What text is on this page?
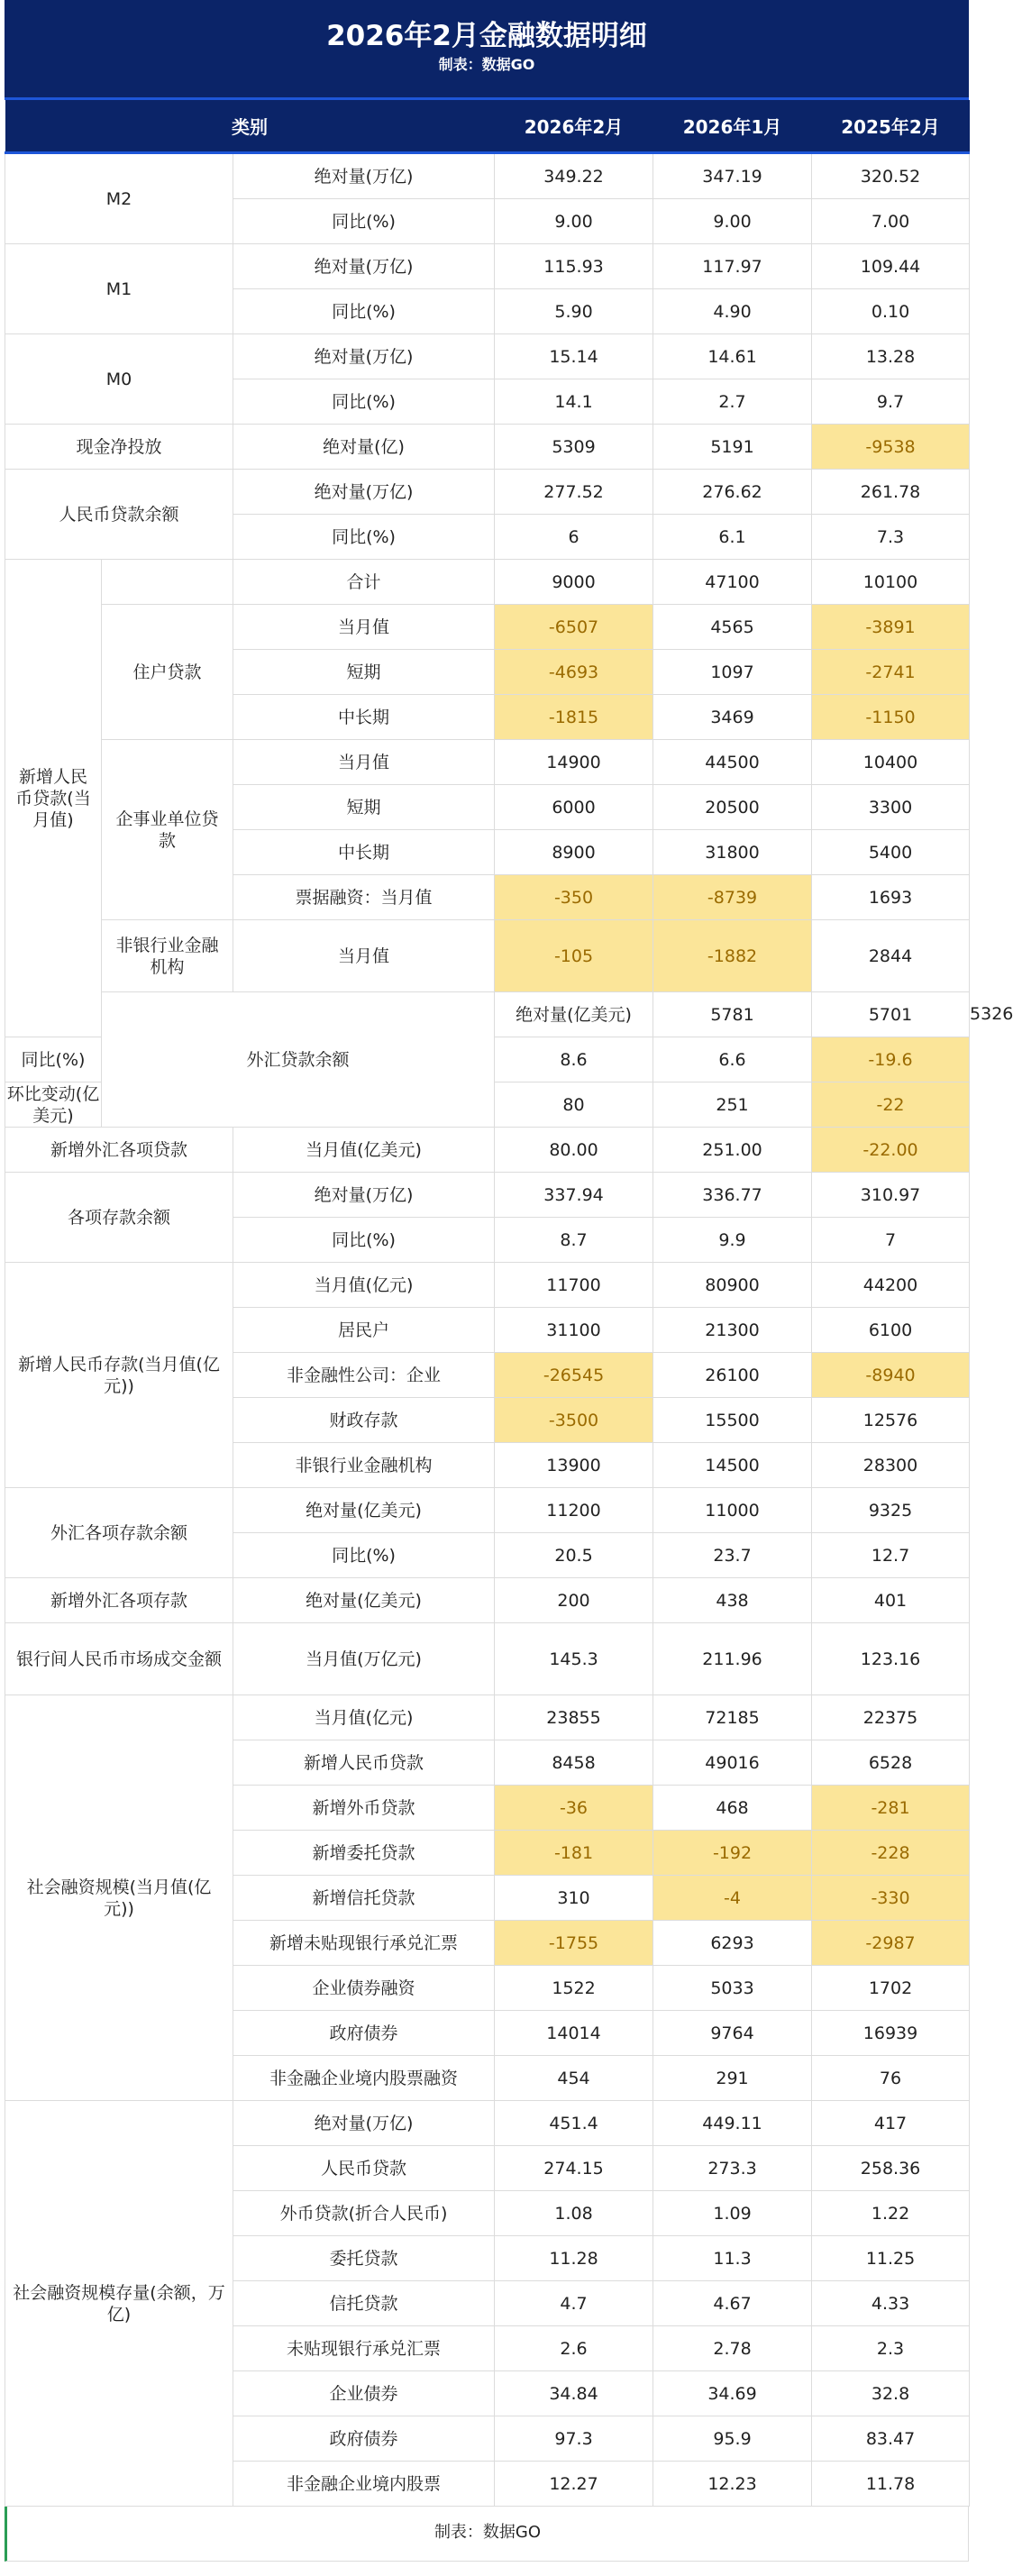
2026年2月金融数据明细
制表：数据GO
类别			2026年2月	2026年1月	2025年2月	
M2		绝对量(万亿)	349.22	347.19	320.52	
		同比(%)	9.00	9.00	7.00	
M1		绝对量(万亿)	115.93	117.97	109.44	
		同比(%)	5.90	4.90	0.10	
M0		绝对量(万亿)	15.14	14.61	13.28	
		同比(%)	14.1	2.7	9.7	
现金净投放		绝对量(亿)	5309	5191	-9538	
人民币贷款余额		绝对量(万亿)	277.52	276.62	261.78	
		同比(%)	6	6.1	7.3	
新增人民币贷款(当月值)		合计	9000	47100	10100	
	住户贷款	当月值	-6507	4565	-3891	
		短期	-4693	1097	-2741	
		中长期	-1815	3469	-1150	
	企事业单位贷款	当月值	14900	44500	10400	
		短期	6000	20500	3300	
		中长期	8900	31800	5400	
		票据融资：当月值	-350	-8739	1693	
	非银行业金融机构	当月值	-105	-1882	2844	
	外汇贷款余额		绝对量(亿美元)	5781	5701	5326
同比(%)			8.6	6.6	-19.6	
环比变动(亿美元)			80	251	-22	
新增外汇各项贷款		当月值(亿美元)	80.00	251.00	-22.00	
各项存款余额		绝对量(万亿)	337.94	336.77	310.97	
		同比(%)	8.7	9.9	7	
新增人民币存款(当月值(亿元))		当月值(亿元)	11700	80900	44200	
		居民户	31100	21300	6100	
		非金融性公司：企业	-26545	26100	-8940	
		财政存款	-3500	15500	12576	
		非银行业金融机构	13900	14500	28300	
外汇各项存款余额		绝对量(亿美元)	11200	11000	9325	
		同比(%)	20.5	23.7	12.7	
新增外汇各项存款		绝对量(亿美元)	200	438	401	
银行间人民币市场成交金额		当月值(万亿元)	145.3	211.96	123.16	
社会融资规模(当月值(亿元))		当月值(亿元)	23855	72185	22375	
		新增人民币贷款	8458	49016	6528	
		新增外币贷款	-36	468	-281	
		新增委托贷款	-181	-192	-228	
		新增信托贷款	310	-4	-330	
		新增未贴现银行承兑汇票	-1755	6293	-2987	
		企业债券融资	1522	5033	1702	
		政府债券	14014	9764	16939	
		非金融企业境内股票融资	454	291	76	
社会融资规模存量(余额，万亿)		绝对量(万亿)	451.4	449.11	417	
		人民币贷款	274.15	273.3	258.36	
		外币贷款(折合人民币)	1.08	1.09	1.22	
		委托贷款	11.28	11.3	11.25	
		信托贷款	4.7	4.67	4.33	
		未贴现银行承兑汇票	2.6	2.78	2.3	
		企业债券	34.84	34.69	32.8	
		政府债券	97.3	95.9	83.47	
		非金融企业境内股票	12.27	12.23	11.78	
制表：数据GO
